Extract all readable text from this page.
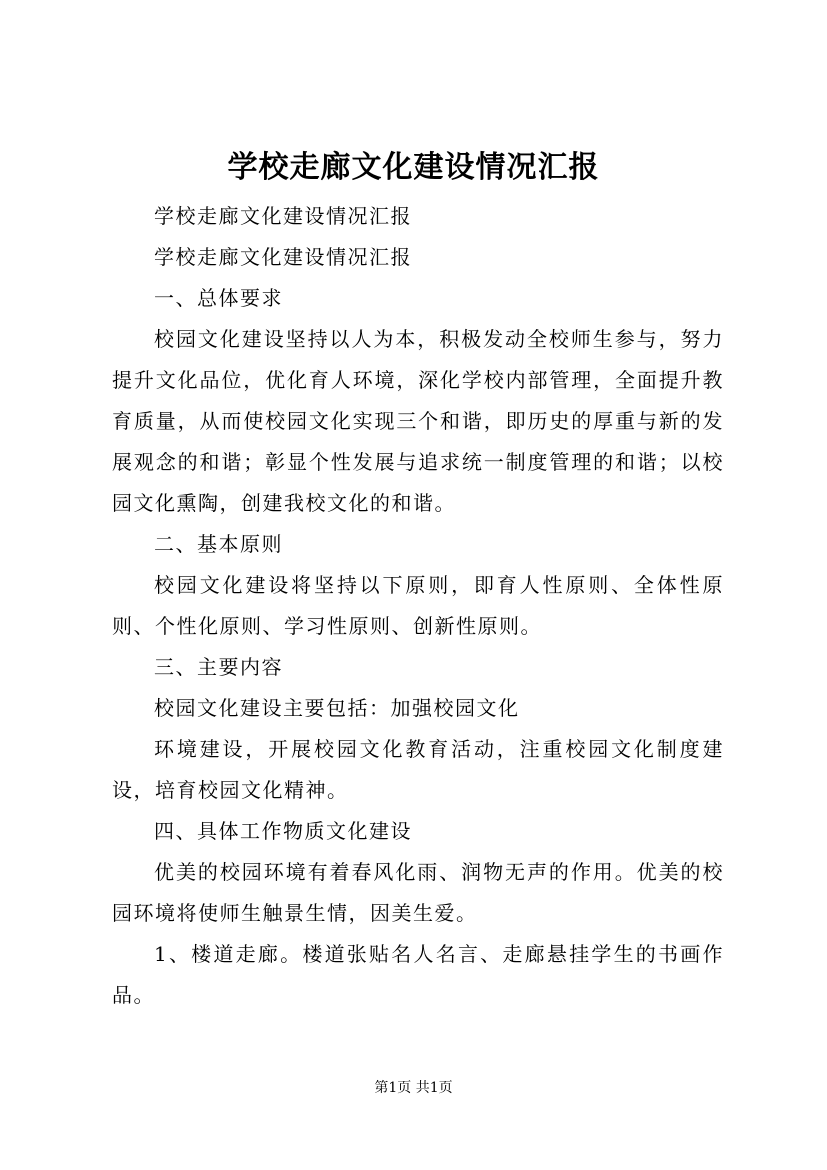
学校走廊文化建设情况汇报

学校走廊文化建设情况汇报

学校走廊文化建设情况汇报

一、总体要求

校园文化建设坚持以人为本，积极发动全校师生参与，努力提升文化品位，优化育人环境，深化学校内部管理，全面提升教育质量，从而使校园文化实现三个和谐，即历史的厚重与新的发展观念的和谐；彰显个性发展与追求统一制度管理的和谐；以校园文化熏陶，创建我校文化的和谐。

二、基本原则

校园文化建设将坚持以下原则，即育人性原则、全体性原则、个性化原则、学习性原则、创新性原则。

三、主要内容

校园文化建设主要包括：加强校园文化

环境建设，开展校园文化教育活动，注重校园文化制度建设，培育校园文化精神。

四、具体工作物质文化建设

优美的校园环境有着春风化雨、润物无声的作用。优美的校园环境将使师生触景生情，因美生爱。

1、楼道走廊。楼道张贴名人名言、走廊悬挂学生的书画作品。

第1页 共1页
